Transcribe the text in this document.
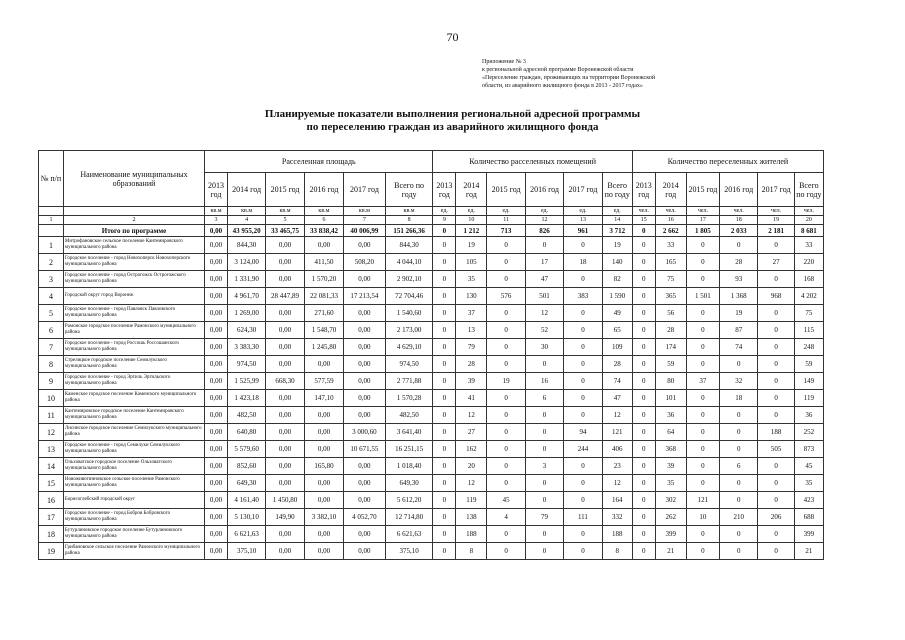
70
Приложение № 3
к региональной адресной программе Воронежской области
«Переселение граждан, проживающих на территории Воронежской
области, из аварийного жилищного фонда в 2013 - 2017 годах»
Планируемые показатели выполнения региональной адресной программы
по переселению граждан из аварийного жилищного фонда
№ п/п	Наименование муниципальных образований	Расселенная площадь						Количество расселенных помещений						Количество переселенных жителей					
		2013 год	2014 год	2015 год	2016 год	2017 год	Всего по году	2013 год	2014 год	2015 год	2016 год	2017 год	Всего по году	2013 год	2014 год	2015 год	2016 год	2017 год	Всего по году
		кв.м	кв.м	кв.м	кв.м	кв.м	кв.м	ед.	ед.	ед.	ед.	ед.	ед.	чел.	чел.	чел.	чел.	чел.	чел.
1	2	3	4	5	6	7	8	9	10	11	12	13	14	15	16	17	18	19	20
	Итого по программе	0,00	43 955,20	33 465,75	33 838,42	40 006,99	151 266,36	0	1 212	713	826	961	3 712	0	2 662	1 805	2 033	2 181	8 681
1	Митрофановское сельское поселение Кантемировского муниципального района	0,00	844,30	0,00	0,00	0,00	844,30	0	19	0	0	0	19	0	33	0	0	0	33
2	Городское поселение - город Новохоперск Новохоперского муниципального района	0,00	3 124,00	0,00	411,50	508,20	4 044,10	0	105	0	17	18	140	0	165	0	28	27	220
3	Городское поселение - город Острогожск Острогожского муниципального района	0,00	1 331,90	0,00	1 570,20	0,00	2 902,10	0	35	0	47	0	82	0	75	0	93	0	168
4	Городской округ город Воронеж	0,00	4 961,70	28 447,89	22 081,33	17 213,54	72 704,46	0	130	576	501	383	1 590	0	365	1 501	1 368	968	4 202
5	Городское поселение - город Павловск Павловского муниципального района	0,00	1 269,00	0,00	271,60	0,00	1 540,60	0	37	0	12	0	49	0	56	0	19	0	75
6	Рамонское городское поселение Рамонского муниципального района	0,00	624,30	0,00	1 548,70	0,00	2 173,00	0	13	0	52	0	65	0	28	0	87	0	115
7	Городское поселение - город Россошь Россошанского муниципального района	0,00	3 383,30	0,00	1 245,80	0,00	4 629,10	0	79	0	30	0	109	0	174	0	74	0	248
8	Стрелицкое городское поселение Семилукского муниципального района	0,00	974,50	0,00	0,00	0,00	974,50	0	28	0	0	0	28	0	59	0	0	0	59
9	Городское поселение - город Эртиль Эртильского муниципального района	0,00	1 525,99	668,30	577,59	0,00	2 771,88	0	39	19	16	0	74	0	80	37	32	0	149
10	Каменское городское поселение Каменского муниципального района	0,00	1 423,18	0,00	147,10	0,00	1 570,28	0	41	0	6	0	47	0	101	0	18	0	119
11	Кантемировское городское поселение Кантемировского муниципального района	0,00	482,50	0,00	0,00	0,00	482,50	0	12	0	0	0	12	0	36	0	0	0	36
12	Лисинское городское поселение Семилукского муниципального района	0,00	640,80	0,00	0,00	3 000,60	3 641,40	0	27	0	0	94	121	0	64	0	0	188	252
13	Городское поселение - город Семилуки Семилукского муниципального района	0,00	5 579,60	0,00	0,00	10 671,55	16 251,15	0	162	0	0	244	406	0	368	0	0	505	873
14	Ольховатское городское поселение Ольховатского муниципального района	0,00	852,60	0,00	165,80	0,00	1 018,40	0	20	0	3	0	23	0	39	0	6	0	45
15	Новоживотинновское сельское поселение Рамонского муниципального района	0,00	649,30	0,00	0,00	0,00	649,30	0	12	0	0	0	12	0	35	0	0	0	35
16	Борисоглебский городской округ	0,00	4 161,40	1 450,80	0,00	0,00	5 612,20	0	119	45	0	0	164	0	302	121	0	0	423
17	Городское поселение - город Бобров Бобровского муниципального района	0,00	5 130,10	149,90	3 382,10	4 052,70	12 714,80	0	138	4	79	111	332	0	262	10	210	206	688
18	Бутурлиновское городское поселение Бутурлиновского муниципального района	0,00	6 621,63	0,00	0,00	0,00	6 621,63	0	188	0	0	0	188	0	399	0	0	0	399
19	Грибановское сельское поселение Рамонского муниципального района	0,00	375,10	0,00	0,00	0,00	375,10	0	8	0	0	0	8	0	21	0	0	0	21
